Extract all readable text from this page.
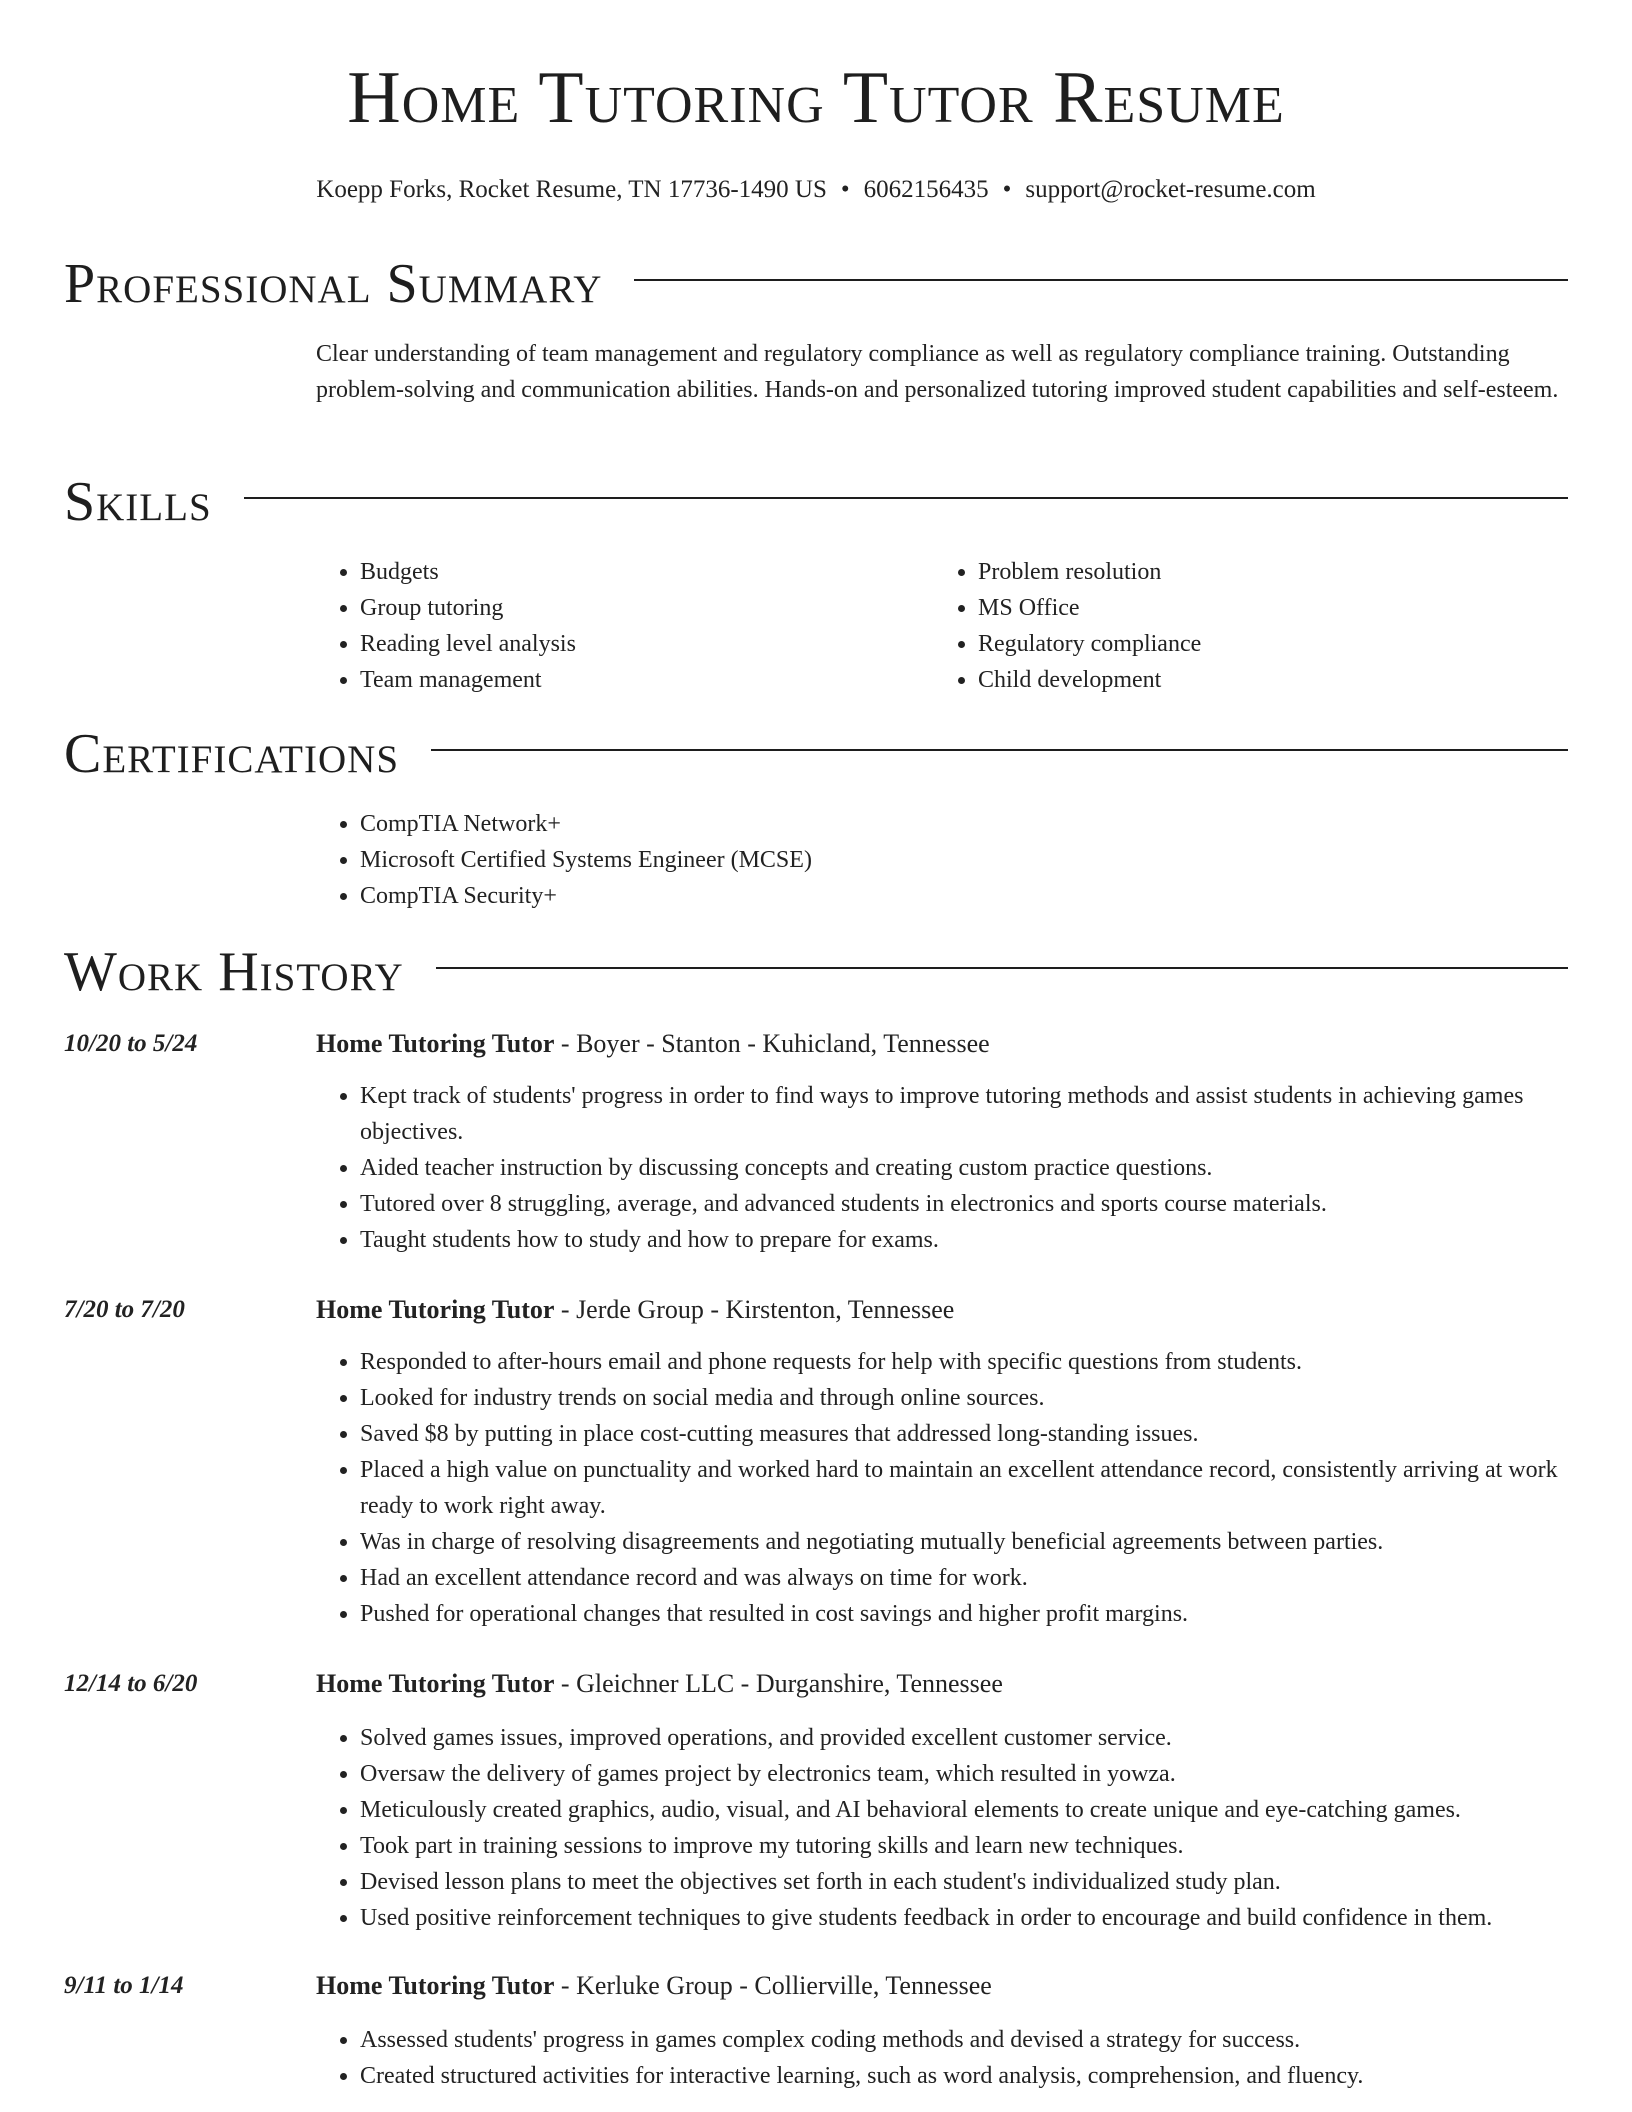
Home Tutoring Tutor Resume
Koepp Forks, Rocket Resume, TN 17736-1490 US • 6062156435 • support@rocket-resume.com
Professional Summary
Clear understanding of team management and regulatory compliance as well as regulatory compliance training. Outstanding problem-solving and communication abilities. Hands-on and personalized tutoring improved student capabilities and self-esteem.
Skills
• Budgets
• Group tutoring
• Reading level analysis
• Team management
• Problem resolution
• MS Office
• Regulatory compliance
• Child development
Certifications
• CompTIA Network+
• Microsoft Certified Systems Engineer (MCSE)
• CompTIA Security+
Work History
10/20 to 5/24	Home Tutoring Tutor - Boyer - Stanton - Kuhicland, Tennessee
• Kept track of students' progress in order to find ways to improve tutoring methods and assist students in achieving games objectives.
• Aided teacher instruction by discussing concepts and creating custom practice questions.
• Tutored over 8 struggling, average, and advanced students in electronics and sports course materials.
• Taught students how to study and how to prepare for exams.
7/20 to 7/20	Home Tutoring Tutor - Jerde Group - Kirstenton, Tennessee
• Responded to after-hours email and phone requests for help with specific questions from students.
• Looked for industry trends on social media and through online sources.
• Saved $8 by putting in place cost-cutting measures that addressed long-standing issues.
• Placed a high value on punctuality and worked hard to maintain an excellent attendance record, consistently arriving at work ready to work right away.
• Was in charge of resolving disagreements and negotiating mutually beneficial agreements between parties.
• Had an excellent attendance record and was always on time for work.
• Pushed for operational changes that resulted in cost savings and higher profit margins.
12/14 to 6/20	Home Tutoring Tutor - Gleichner LLC - Durganshire, Tennessee
• Solved games issues, improved operations, and provided excellent customer service.
• Oversaw the delivery of games project by electronics team, which resulted in yowza.
• Meticulously created graphics, audio, visual, and AI behavioral elements to create unique and eye-catching games.
• Took part in training sessions to improve my tutoring skills and learn new techniques.
• Devised lesson plans to meet the objectives set forth in each student's individualized study plan.
• Used positive reinforcement techniques to give students feedback in order to encourage and build confidence in them.
9/11 to 1/14	Home Tutoring Tutor - Kerluke Group - Collierville, Tennessee
• Assessed students' progress in games complex coding methods and devised a strategy for success.
• Created structured activities for interactive learning, such as word analysis, comprehension, and fluency.
